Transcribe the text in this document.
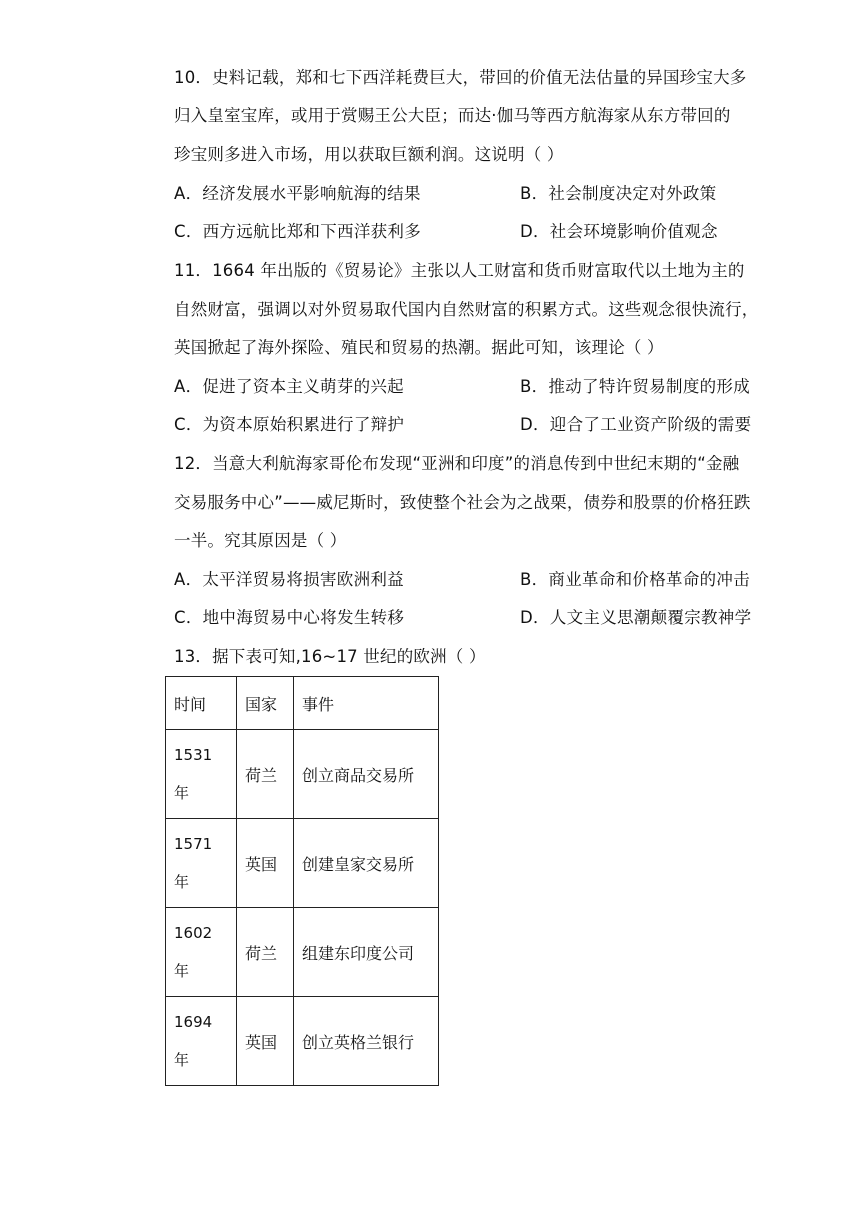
10．史料记载，郑和七下西洋耗费巨大，带回的价值无法估量的异国珍宝大多
归入皇室宝库，或用于赏赐王公大臣；而达·伽马等西方航海家从东方带回的
珍宝则多进入市场，用以获取巨额利润。这说明（ ）
A．经济发展水平影响航海的结果	B．社会制度决定对外政策
C．西方远航比郑和下西洋获利多	D．社会环境影响价值观念
11．1664 年出版的《贸易论》主张以人工财富和货币财富取代以土地为主的
自然财富，强调以对外贸易取代国内自然财富的积累方式。这些观念很快流行，
英国掀起了海外探险、殖民和贸易的热潮。据此可知，该理论（ ）
A．促进了资本主义萌芽的兴起	B．推动了特许贸易制度的形成
C．为资本原始积累进行了辩护	D．迎合了工业资产阶级的需要
12．当意大利航海家哥伦布发现“亚洲和印度”的消息传到中世纪末期的“金融
交易服务中心”——威尼斯时，致使整个社会为之战栗，债券和股票的价格狂跌
一半。究其原因是（ ）
A．太平洋贸易将损害欧洲利益	B．商业革命和价格革命的冲击
C．地中海贸易中心将发生转移	D．人文主义思潮颠覆宗教神学
13．据下表可知,16~17 世纪的欧洲（ ）
时间	国家	事件

1531
年	荷兰	创立商品交易所

1571
年	英国	创建皇家交易所

1602
年	荷兰	组建东印度公司

1694
年	英国	创立英格兰银行
